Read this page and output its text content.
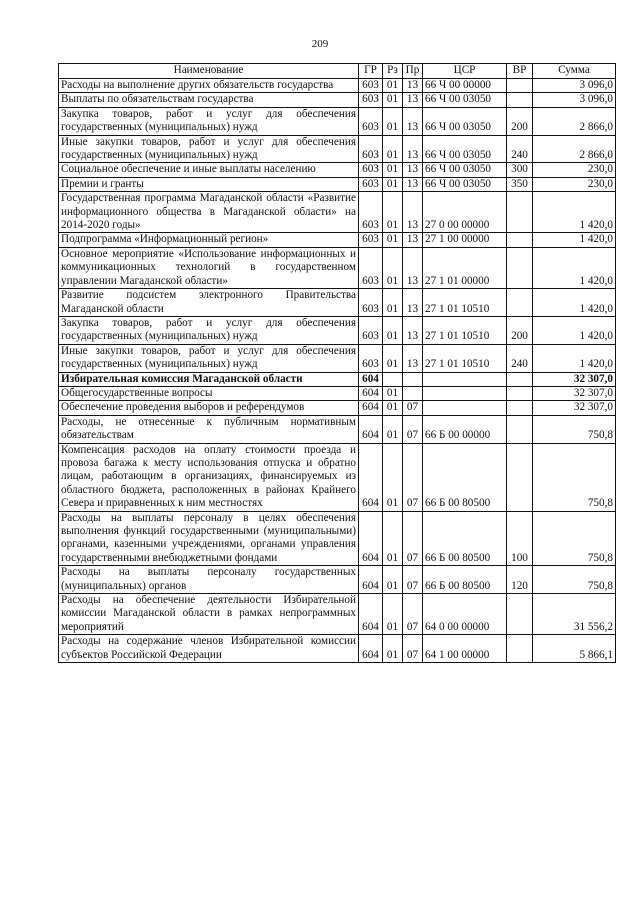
209
Наименование	ГР	Рз	Пр	ЦСР	ВР	Сумма
Расходы на выполнение других обязательств государства	603	01	13	66 Ч 00 00000		3 096,0
Выплаты по обязательствам государства	603	01	13	66 Ч 00 03050		3 096,0
Закупка товаров, работ и услуг для обеспечения государственных (муниципальных) нужд	603	01	13	66 Ч 00 03050	200	2 866,0
Иные закупки товаров, работ и услуг для обеспечения государственных (муниципальных) нужд	603	01	13	66 Ч 00 03050	240	2 866,0
Социальное обеспечение и иные выплаты населению	603	01	13	66 Ч 00 03050	300	230,0
Премии и гранты	603	01	13	66 Ч 00 03050	350	230,0
Государственная программа Магаданской области «Развитие информационного общества в Магаданской области» на 2014-2020 годы»	603	01	13	27 0 00 00000		1 420,0
Подпрограмма «Информационный регион»	603	01	13	27 1 00 00000		1 420,0
Основное мероприятие «Использование информационных и коммуникационных технологий в государственном управлении Магаданской области»	603	01	13	27 1 01 00000		1 420,0
Развитие подсистем электронного Правительства Магаданской области	603	01	13	27 1 01 10510		1 420,0
Закупка товаров, работ и услуг для обеспечения государственных (муниципальных) нужд	603	01	13	27 1 01 10510	200	1 420,0
Иные закупки товаров, работ и услуг для обеспечения государственных (муниципальных) нужд	603	01	13	27 1 01 10510	240	1 420,0
Избирательная комиссия Магаданской области	604					32 307,0
Общегосударственные вопросы	604	01				32 307,0
Обеспечение проведения выборов и референдумов	604	01	07			32 307,0
Расходы, не отнесенные к публичным нормативным обязательствам	604	01	07	66 Б 00 00000		750,8
Компенсация расходов на оплату стоимости проезда и провоза багажа к месту использования отпуска и обратно лицам, работающим в организациях, финансируемых из областного бюджета, расположенных в районах Крайнего Севера и приравненных к ним местностях	604	01	07	66 Б 00 80500		750,8
Расходы на выплаты персоналу в целях обеспечения выполнения функций государственными (муниципальными) органами, казенными учреждениями, органами управления государственными внебюджетными фондами	604	01	07	66 Б 00 80500	100	750,8
Расходы на выплаты персоналу государственных (муниципальных) органов	604	01	07	66 Б 00 80500	120	750,8
Расходы на обеспечение деятельности Избирательной комиссии Магаданской области в рамках непрограммных мероприятий	604	01	07	64 0 00 00000		31 556,2
Расходы на содержание членов Избирательной комиссии субъектов Российской Федерации	604	01	07	64 1 00 00000		5 866,1
